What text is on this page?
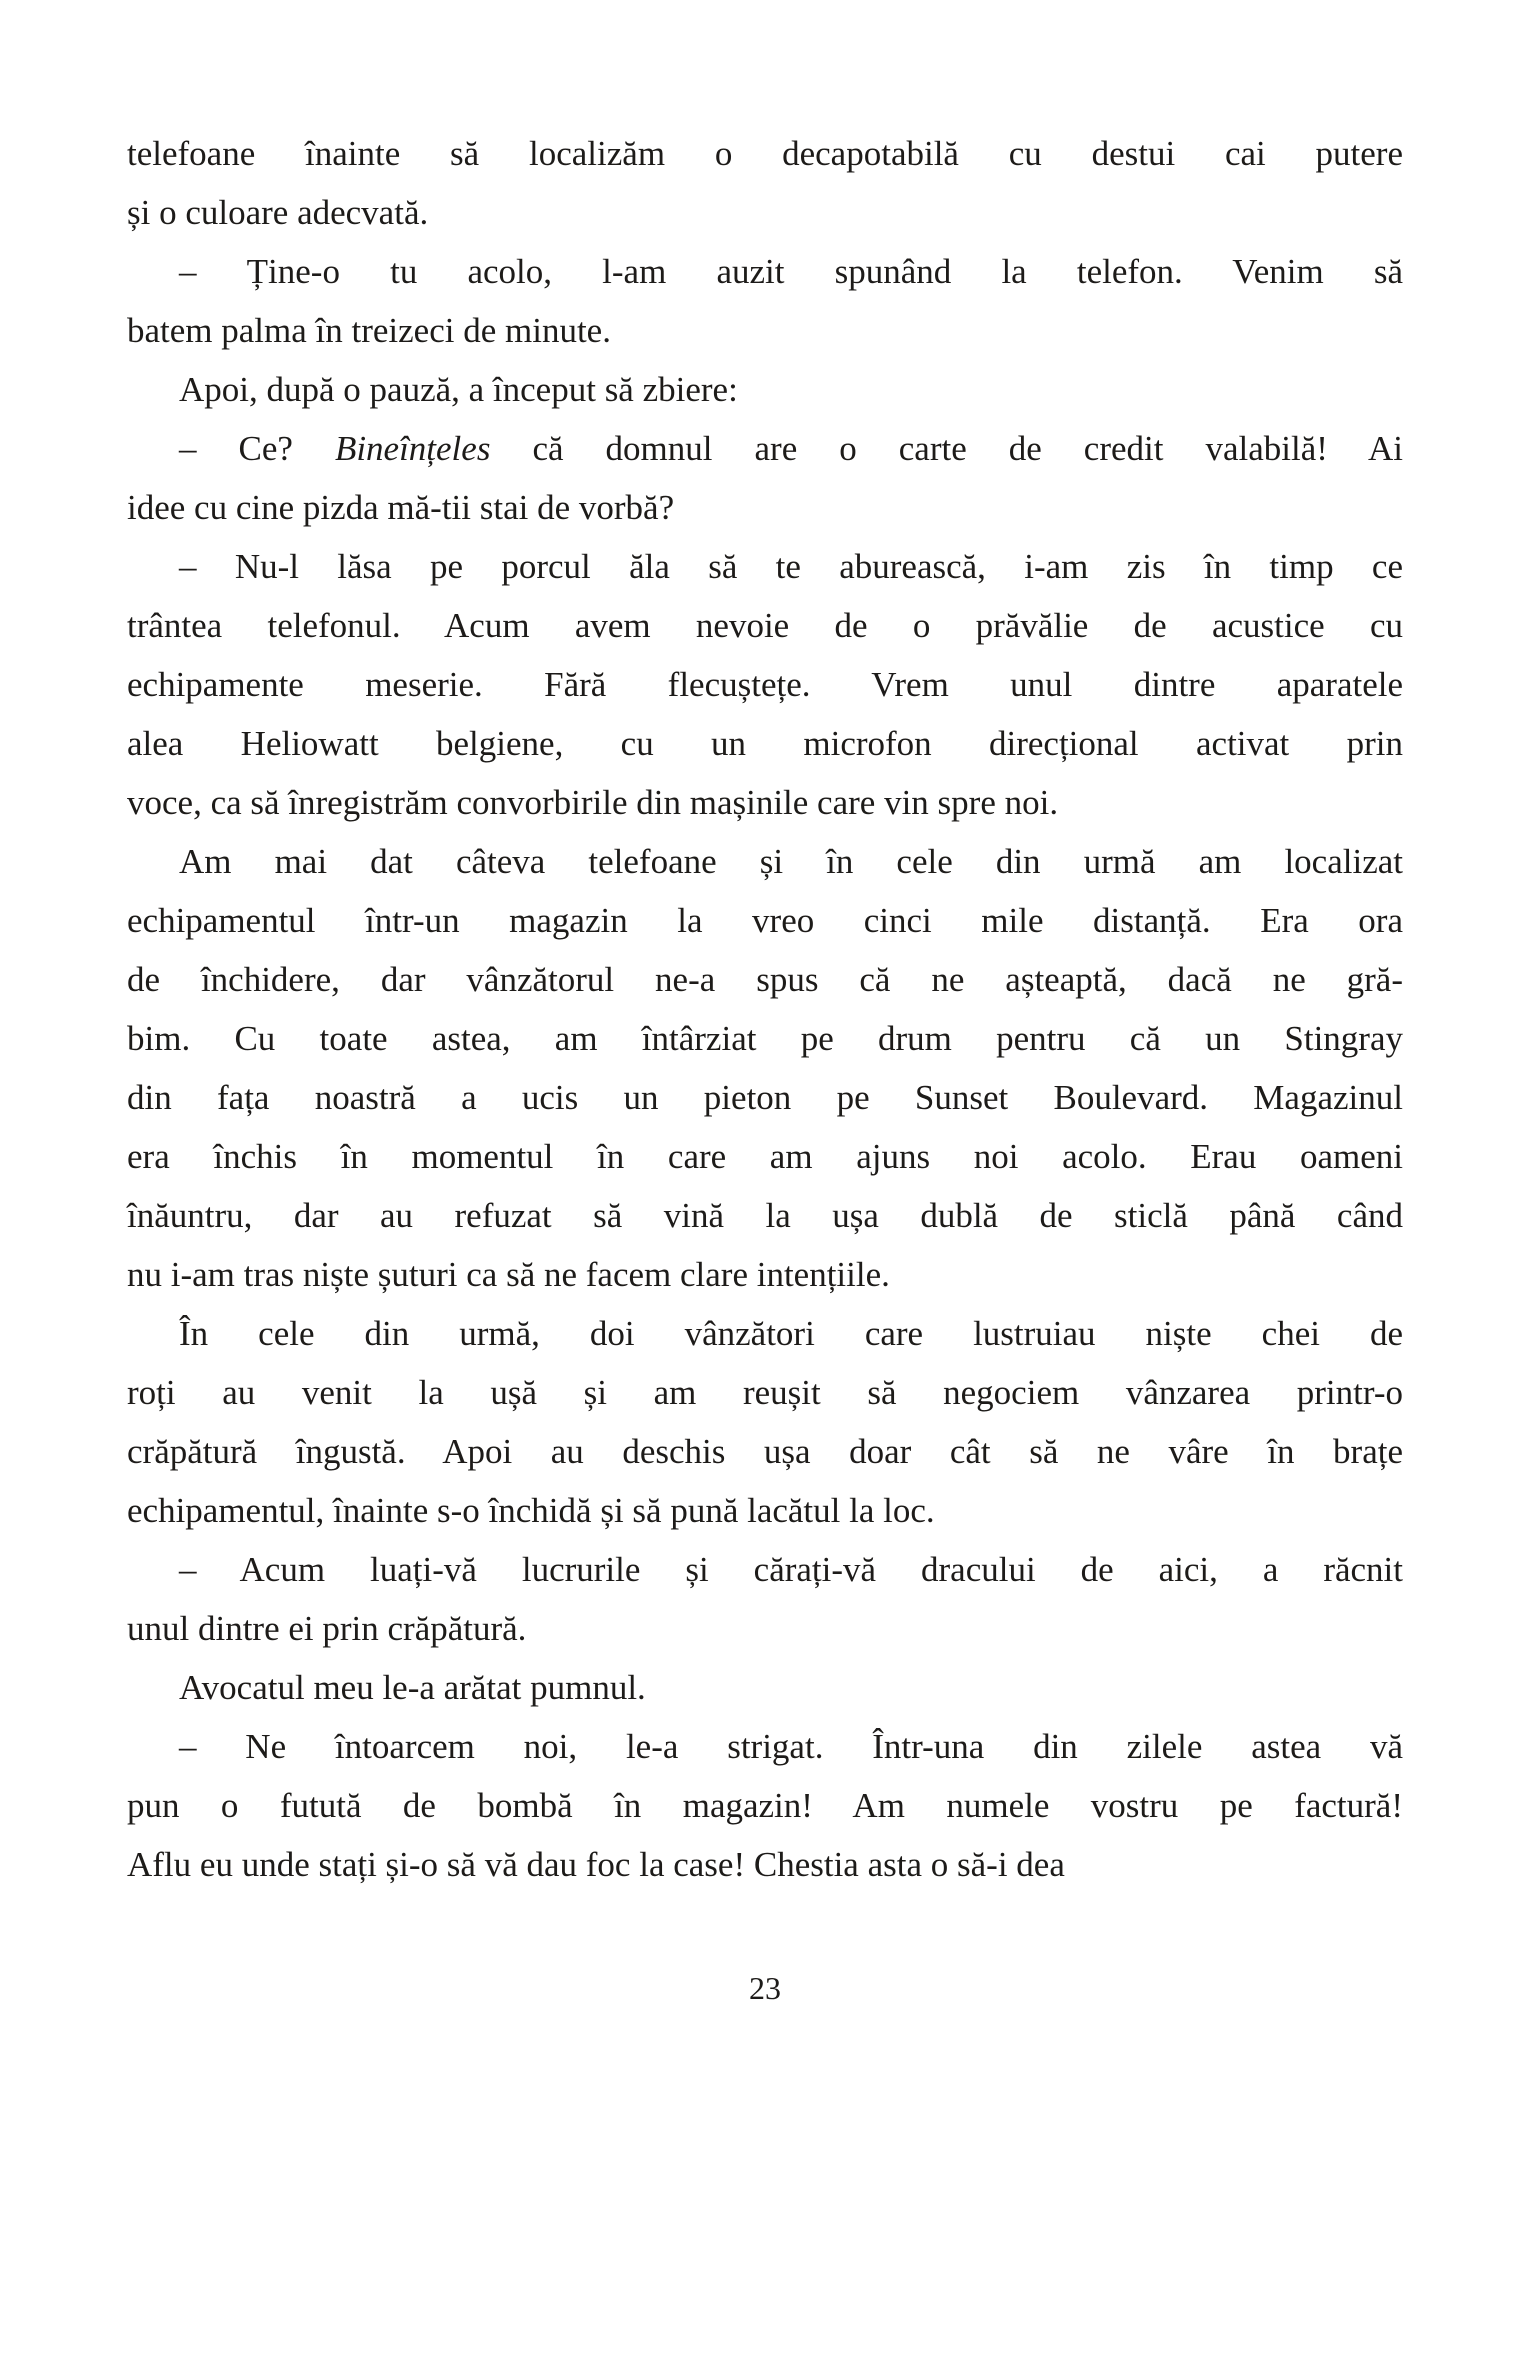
telefoane înainte să localizăm o decapotabilă cu destui cai putere
și o culoare adecvată.
– Ține-o tu acolo, l-am auzit spunând la telefon. Venim să
batem palma în treizeci de minute.
Apoi, după o pauză, a început să zbiere:
– Ce? Bineînțeles că domnul are o carte de credit valabilă! Ai
idee cu cine pizda mă-tii stai de vorbă?
– Nu-l lăsa pe porcul ăla să te aburească, i-am zis în timp ce
trântea telefonul. Acum avem nevoie de o prăvălie de acustice cu
echipamente meserie. Fără flecuștețe. Vrem unul dintre aparatele
alea Heliowatt belgiene, cu un microfon direcțional activat prin
voce, ca să înregistrăm convorbirile din mașinile care vin spre noi.
Am mai dat câteva telefoane și în cele din urmă am localizat
echipamentul într-un magazin la vreo cinci mile distanță. Era ora
de închidere, dar vânzătorul ne-a spus că ne așteaptă, dacă ne gră-
bim. Cu toate astea, am întârziat pe drum pentru că un Stingray
din fața noastră a ucis un pieton pe Sunset Boulevard. Magazinul
era închis în momentul în care am ajuns noi acolo. Erau oameni
înăuntru, dar au refuzat să vină la ușa dublă de sticlă până când
nu i-am tras niște șuturi ca să ne facem clare intențiile.
În cele din urmă, doi vânzători care lustruiau niște chei de
roți au venit la ușă și am reușit să negociem vânzarea printr-o
crăpătură îngustă. Apoi au deschis ușa doar cât să ne vâre în brațe
echipamentul, înainte s-o închidă și să pună lacătul la loc.
– Acum luați-vă lucrurile și cărați-vă dracului de aici, a răcnit
unul dintre ei prin crăpătură.
Avocatul meu le-a arătat pumnul.
– Ne întoarcem noi, le-a strigat. Într-una din zilele astea vă
pun o futută de bombă în magazin! Am numele vostru pe factură!
Aflu eu unde stați și-o să vă dau foc la case! Chestia asta o să-i dea
23
